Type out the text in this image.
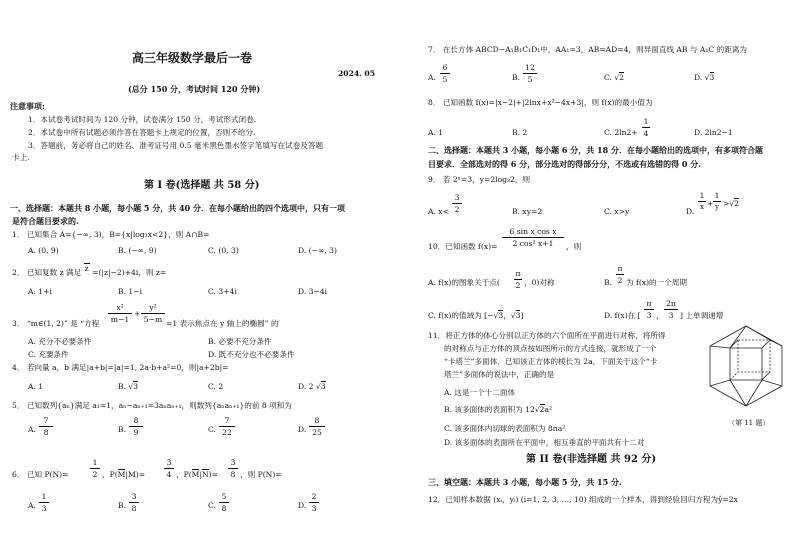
高三年级数学最后一卷
2024. 05
(总分 150 分，考试时间 120 分钟)
注意事项:
1．本试卷考试时间为 120 分钟，试卷满分 150 分，考试形式闭卷.
2．本试卷中所有试题必须作答在答题卡上规定的位置，否则不给分.
3．答题前，务必将自己的姓名、准考证号用 0.5 毫米黑色墨水签字笔填写在试卷及答题
卡上.
第 I 卷(选择题 共 58 分)
一、选择题：本题共 8 小题，每小题 5 分，共 40 分．在每小题给出的四个选项中，只有一项
是符合题目要求的.
1． 已知集合 A={−∞, 3)，B={x|log₃x<2}，则 A∩B=
A. (0, 9)	B. (−∞, 9)	C. (0, 3)	D. (−∞, 3)
2． 已知复数 z 满足 z =(|z|−2)+4i，则 z=
A. 1+i	B. 1−i	C. 3+4i	D. 3−4i
3． “m∈(1, 2)” 是 “方程
x²
m−1
+
y²
5−m =1 表示焦点在 y 轴上的椭圆” 的
A. 充分不必要条件	B. 必要不充分条件
C. 充要条件	D. 既不充分也不必要条件
4． 若向量 a，b 满足|a+b|=|a|=1, 2a·b+a²=0，则|a+2b|=
A. 1	B. √3	C. 2	D. 2 √3
5． 已知数列{aₙ}满足 a₁=1，aₙ−aₙ₊₁=3aₙaₙ₊₁，则数列{aₙaₙ₊₁}的前 8 项和为
A.
7
8	B.
8
9	C.
7
22	D.
8
25
6． 已知 P(N)=
1
2 ，P(M|M)=
3
4 ，P(M|N)=
3
8 ，则 P(N)=
A.
1
3	B.
3
8	C.
5
8	D.
2
3
7． 在长方体 ABCD−A₁B₁C₁D₁中，AA₁=3，AB=AD=4，则异面直线 AB 与 A₁C 的距离为
A.
6
5	B.
12
5	C. √2	D. √3
8． 已知函数 f(x)=|x−2|+|2lnx+x²−4x+3|，则 f(x)的最小值为
A. 1	B. 2	C. 2ln2+
1
4	D. 2ln2−1
二、选择题：本题共 3 小题，每小题 6 分，共 18 分．在每小题给出的选项中，有多项符合题
目要求．全部选对的得 6 分，部分选对的得部分分，不选或有选错的得 0 分.
9． 若 2ˣ=3，y=2log₃2，则
A. x<
3
2	B. xy=2	C. x>y	D.
1
x +
1
y >√2
10．已知函数 f(x)=
6 sin x cos x
2 cos² x+1	，则
A. f(x)的图象关于点(
π
2 ，0)对称	B.
π
2 为 f(x)的一个周期
C. f(x)的值域为 [−√3，√3]	D. f(x)在 [
π
3 ，
2π
3 ] 上单调递增
11．将正方体的体心分别以正方体的六个面所在平面进行对称，将所得
的对称点与正方体的顶点按如图所示的方式连接，就形成了一个
“卡塔兰”多面体．已知该正方体的棱长为 2a，下面关于这个“卡
塔兰”多面体的说法中，正确的是
A. 这是一个十二面体
B. 该多面体的表面积为 12√2a²
C. 该多面体内切球的表面积为 8πa²
D. 该多面体的表面所在平面中，相互垂直的平面共有十二对
（第 11 题）
第 II 卷(非选择题 共 92 分)
三、填空题：本题共 3 小题，每小题 5 分，共 15 分.
12．已知样本数据 (xᵢ，yᵢ) (i=1, 2, 3, …, 10) 组成的一个样本，得到经验回归方程为ŷ=2x
